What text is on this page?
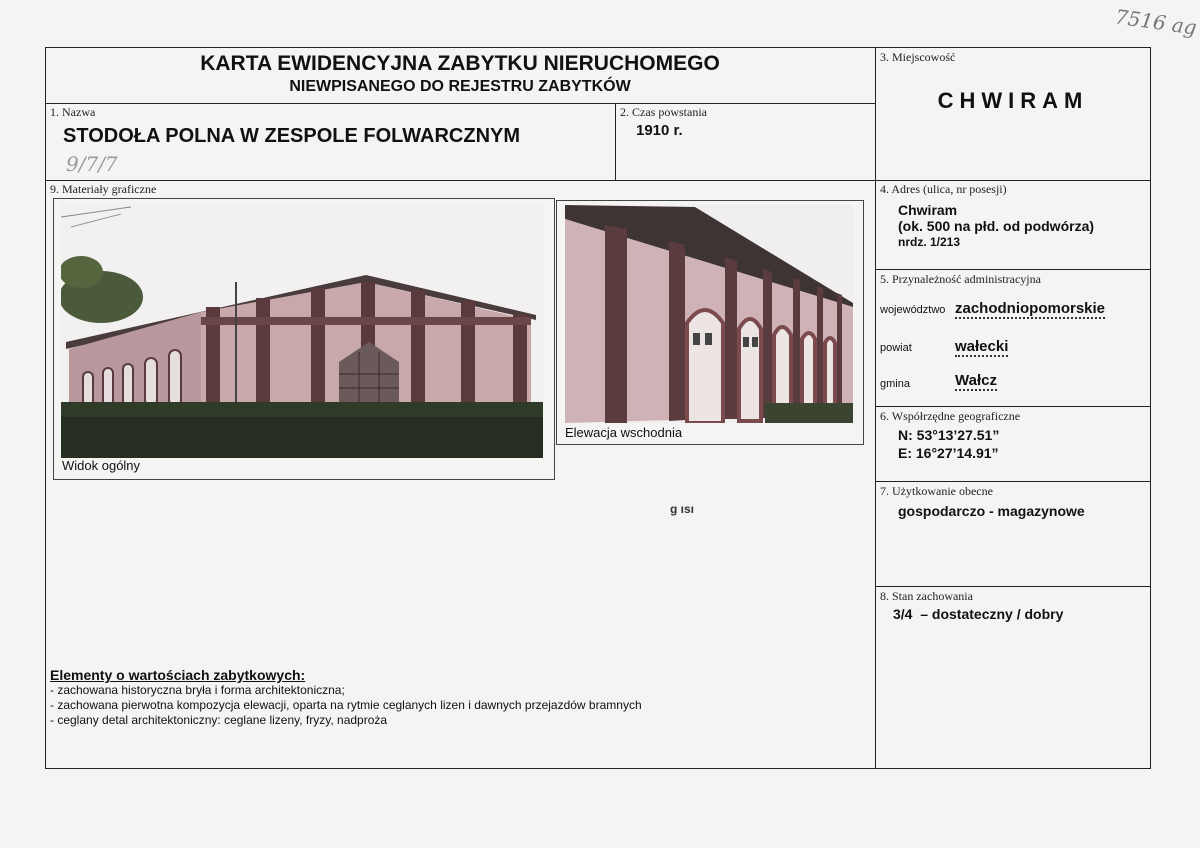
7516 ag
KARTA EWIDENCYJNA ZABYTKU NIERUCHOMEGO
NIEWPISANEGO DO REJESTRU ZABYTKÓW
1. Nazwa
STODOŁA POLNA W ZESPOLE FOLWARCZNYM
9/7/7
2. Czas powstania
1910 r.
3. Miejscowość
CHWIRAM
9. Materiały graficzne
Widok ogólny
Elewacja wschodnia
g ısı
Elementy o wartościach zabytkowych:
- zachowana historyczna bryła i forma architektoniczna;
- zachowana pierwotna kompozycja elewacji, oparta na rytmie ceglanych lizen i dawnych przejazdów bramnych
- ceglany detal architektoniczny: ceglane lizeny, fryzy, nadproża
4. Adres (ulica, nr posesji)
Chwiram
(ok. 500 na płd. od podwórza)
nrdz. 1/213
5. Przynależność administracyjna
województwo zachodniopomorskie
powiat	wałecki
gmina	Wałcz
6. Współrzędne geograficzne
N: 53°13’27.51”
E: 16°27’14.91”
7. Użytkowanie obecne
gospodarczo - magazynowe
8. Stan zachowania
3/4  – dostateczny / dobry
